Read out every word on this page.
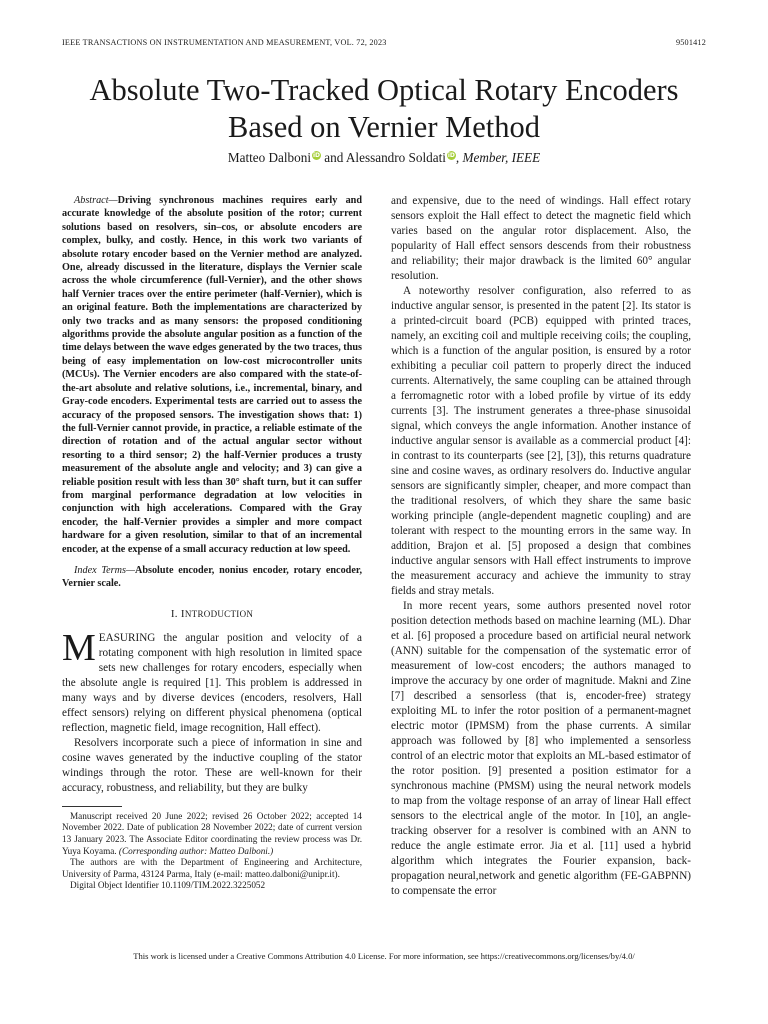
IEEE TRANSACTIONS ON INSTRUMENTATION AND MEASUREMENT, VOL. 72, 2023	9501412
Absolute Two-Tracked Optical Rotary Encoders
Based on Vernier Method
Matteo Dalboni iD and Alessandro Soldati iD, Member, IEEE

Abstract—Driving synchronous machines requires early and accurate knowledge of the absolute position of the rotor; current solutions based on resolvers, sin–cos, or absolute encoders are complex, bulky, and costly. Hence, in this work two variants of absolute rotary encoder based on the Vernier method are analyzed. One, already discussed in the literature, displays the Vernier scale across the whole circumference (full-Vernier), and the other shows half Vernier traces over the entire perimeter (half-Vernier), which is an original feature. Both the implementations are characterized by only two tracks and as many sensors: the proposed conditioning algorithms provide the absolute angular position as a function of the time delays between the wave edges generated by the two traces, thus being of easy implementation on low-cost microcontroller units (MCUs). The Vernier encoders are also compared with the state-of-the-art absolute and relative solutions, i.e., incremental, binary, and Gray-code encoders. Experimental tests are carried out to assess the accuracy of the proposed sensors. The investigation shows that: 1) the full-Vernier cannot provide, in practice, a reliable estimate of the direction of rotation and of the actual angular sector without resorting to a third sensor; 2) the half-Vernier produces a trusty measurement of the absolute angle and velocity; and 3) can give a reliable position result with less than 30° shaft turn, but it can suffer from marginal performance degradation at low velocities in conjunction with high accelerations. Compared with the Gray encoder, the half-Vernier provides a simpler and more compact hardware for a given resolution, similar to that of an incremental encoder, at the expense of a small accuracy reduction at low speed.

Index Terms—Absolute encoder, nonius encoder, rotary encoder, Vernier scale.

I. INTRODUCTION

MEASURING the angular position and velocity of a rotating component with high resolution in limited space sets new challenges for rotary encoders, especially when the absolute angle is required [1]. This problem is addressed in many ways and by diverse devices (encoders, resolvers, Hall effect sensors) relying on different physical phenomena (optical reflection, magnetic field, image recognition, Hall effect).

Resolvers incorporate such a piece of information in sine and cosine waves generated by the inductive coupling of the stator windings through the rotor. These are well-known for their accuracy, robustness, and reliability, but they are bulky

Manuscript received 20 June 2022; revised 26 October 2022; accepted 14 November 2022. Date of publication 28 November 2022; date of current version 13 January 2023. The Associate Editor coordinating the review process was Dr. Yuya Koyama. (Corresponding author: Matteo Dalboni.)

The authors are with the Department of Engineering and Architecture, University of Parma, 43124 Parma, Italy (e-mail: matteo.dalboni@unipr.it).

Digital Object Identifier 10.1109/TIM.2022.3225052

and expensive, due to the need of windings. Hall effect rotary sensors exploit the Hall effect to detect the magnetic field which varies based on the angular rotor displacement. Also, the popularity of Hall effect sensors descends from their robustness and reliability; their major drawback is the limited 60° angular resolution.

A noteworthy resolver configuration, also referred to as inductive angular sensor, is presented in the patent [2]. Its stator is a printed-circuit board (PCB) equipped with printed traces, namely, an exciting coil and multiple receiving coils; the coupling, which is a function of the angular position, is ensured by a rotor exhibiting a peculiar coil pattern to properly direct the induced currents. Alternatively, the same coupling can be attained through a ferromagnetic rotor with a lobed profile by virtue of its eddy currents [3]. The instrument generates a three-phase sinusoidal signal, which conveys the angle information. Another instance of inductive angular sensor is available as a commercial product [4]: in contrast to its counterparts (see [2], [3]), this returns quadrature sine and cosine waves, as ordinary resolvers do. Inductive angular sensors are significantly simpler, cheaper, and more compact than the traditional resolvers, of which they share the same basic working principle (angle-dependent magnetic coupling) and are tolerant with respect to the mounting errors in the same way. In addition, Brajon et al. [5] proposed a design that combines inductive angular sensors with Hall effect instruments to improve the measurement accuracy and achieve the immunity to stray fields and stray metals.

In more recent years, some authors presented novel rotor position detection methods based on machine learning (ML). Dhar et al. [6] proposed a procedure based on artificial neural network (ANN) suitable for the compensation of the systematic error of measurement of low-cost encoders; the authors managed to improve the accuracy by one order of magnitude. Makni and Zine [7] described a sensorless (that is, encoder-free) strategy exploiting ML to infer the rotor position of a permanent-magnet electric motor (IPMSM) from the phase currents. A similar approach was followed by [8] who implemented a sensorless control of an electric motor that exploits an ML-based estimator of the rotor position. [9] presented a position estimator for a synchronous machine (PMSM) using the neural network models to map from the voltage response of an array of linear Hall effect sensors to the electrical angle of the motor. In [10], an angle-tracking observer for a resolver is combined with an ANN to reduce the angle estimate error. Jia et al. [11] used a hybrid algorithm which integrates the Fourier expansion, back-propagation neural,network and genetic algorithm (FE-GABPNN) to compensate the error

This work is licensed under a Creative Commons Attribution 4.0 License. For more information, see https://creativecommons.org/licenses/by/4.0/
